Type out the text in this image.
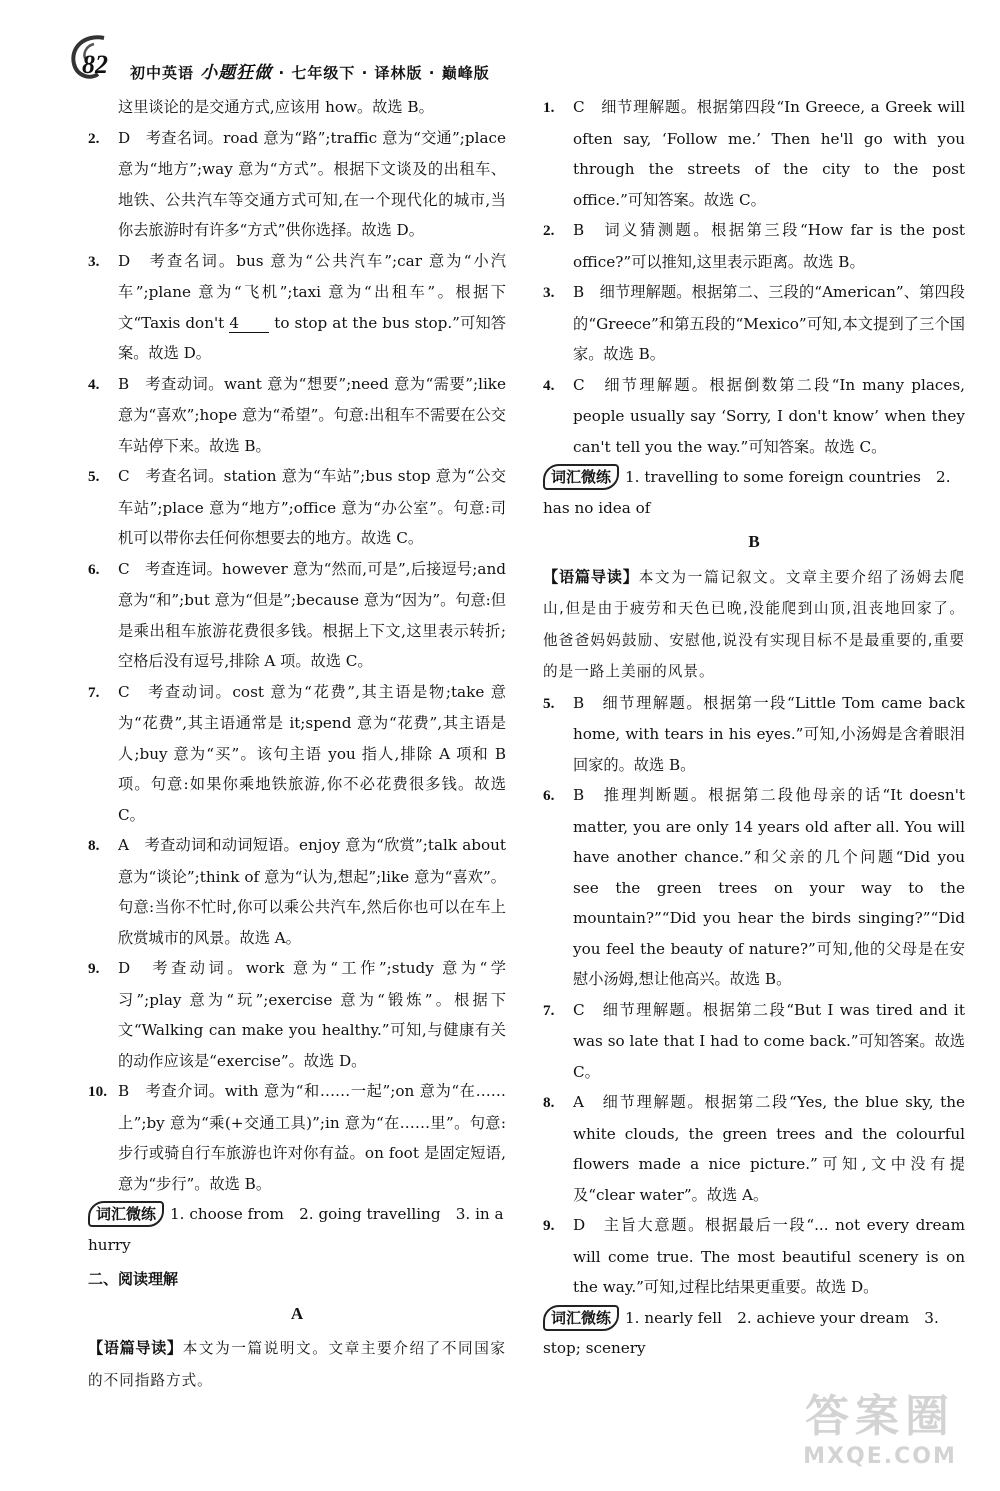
82 初中英语 小题狂做 · 七年级下 · 译林版 · 巅峰版

这里谈论的是交通方式,应该用 how。故选 B。

2. D　考查名词。road 意为“路”;traffic 意为“交通”;place 意为“地方”;way 意为“方式”。根据下文谈及的出租车、地铁、公共汽车等交通方式可知,在一个现代化的城市,当你去旅游时有许多“方式”供你选择。故选 D。

3. D　考查名词。bus 意为“公共汽车”;car 意为“小汽车”;plane 意为“飞机”;taxi 意为“出租车”。根据下文“Taxis don't 4 to stop at the bus stop.”可知答案。故选 D。

4. B　考查动词。want 意为“想要”;need 意为“需要”;like 意为“喜欢”;hope 意为“希望”。句意:出租车不需要在公交车站停下来。故选 B。

5. C　考查名词。station 意为“车站”;bus stop 意为“公交车站”;place 意为“地方”;office 意为“办公室”。句意:司机可以带你去任何你想要去的地方。故选 C。

6. C　考查连词。however 意为“然而,可是”,后接逗号;and 意为“和”;but 意为“但是”;because 意为“因为”。句意:但是乘出租车旅游花费很多钱。根据上下文,这里表示转折;空格后没有逗号,排除 A 项。故选 C。

7. C　考查动词。cost 意为“花费”,其主语是物;take 意为“花费”,其主语通常是 it;spend 意为“花费”,其主语是人;buy 意为“买”。该句主语 you 指人,排除 A 项和 B 项。句意:如果你乘地铁旅游,你不必花费很多钱。故选 C。

8. A　考查动词和动词短语。enjoy 意为“欣赏”;talk about 意为“谈论”;think of 意为“认为,想起”;like 意为“喜欢”。句意:当你不忙时,你可以乘公共汽车,然后你也可以在车上欣赏城市的风景。故选 A。

9. D　考查动词。work 意为“工作”;study 意为“学习”;play 意为“玩”;exercise 意为“锻炼”。根据下文“Walking can make you healthy.”可知,与健康有关的动作应该是“exercise”。故选 D。

10. B　考查介词。with 意为“和……一起”;on 意为“在……上”;by 意为“乘(+交通工具)”;in 意为“在……里”。句意:步行或骑自行车旅游也许对你有益。on foot 是固定短语,意为“步行”。故选 B。

词汇微练 1. choose from　2. going travelling　3. in a hurry

二、阅读理解

A

【语篇导读】本文为一篇说明文。文章主要介绍了不同国家的不同指路方式。

1. C　细节理解题。根据第四段“In Greece, a Greek will often say, ‘Follow me.’ Then he'll go with you through the streets of the city to the post office.”可知答案。故选 C。

2. B　词义猜测题。根据第三段“How far is the post office?”可以推知,这里表示距离。故选 B。

3. B　细节理解题。根据第二、三段的“American”、第四段的“Greece”和第五段的“Mexico”可知,本文提到了三个国家。故选 B。

4. C　细节理解题。根据倒数第二段“In many places, people usually say ‘Sorry, I don't know’ when they can't tell you the way.”可知答案。故选 C。

词汇微练 1. travelling to some foreign countries　2. has no idea of

B

【语篇导读】本文为一篇记叙文。文章主要介绍了汤姆去爬山,但是由于疲劳和天色已晚,没能爬到山顶,沮丧地回家了。他爸爸妈妈鼓励、安慰他,说没有实现目标不是最重要的,重要的是一路上美丽的风景。

5. B　细节理解题。根据第一段“Little Tom came back home, with tears in his eyes.”可知,小汤姆是含着眼泪回家的。故选 B。

6. B　推理判断题。根据第二段他母亲的话“It doesn't matter, you are only 14 years old after all. You will have another chance.”和父亲的几个问题“Did you see the green trees on your way to the mountain?”“Did you hear the birds singing?”“Did you feel the beauty of nature?”可知,他的父母是在安慰小汤姆,想让他高兴。故选 B。

7. C　细节理解题。根据第二段“But I was tired and it was so late that I had to come back.”可知答案。故选 C。

8. A　细节理解题。根据第二段“Yes, the blue sky, the white clouds, the green trees and the colourful flowers made a nice picture.”可知,文中没有提及“clear water”。故选 A。

9. D　主旨大意题。根据最后一段“... not every dream will come true. The most beautiful scenery is on the way.”可知,过程比结果更重要。故选 D。

词汇微练 1. nearly fell　2. achieve your dream　3. stop; scenery

答案圈
MXQE.COM
